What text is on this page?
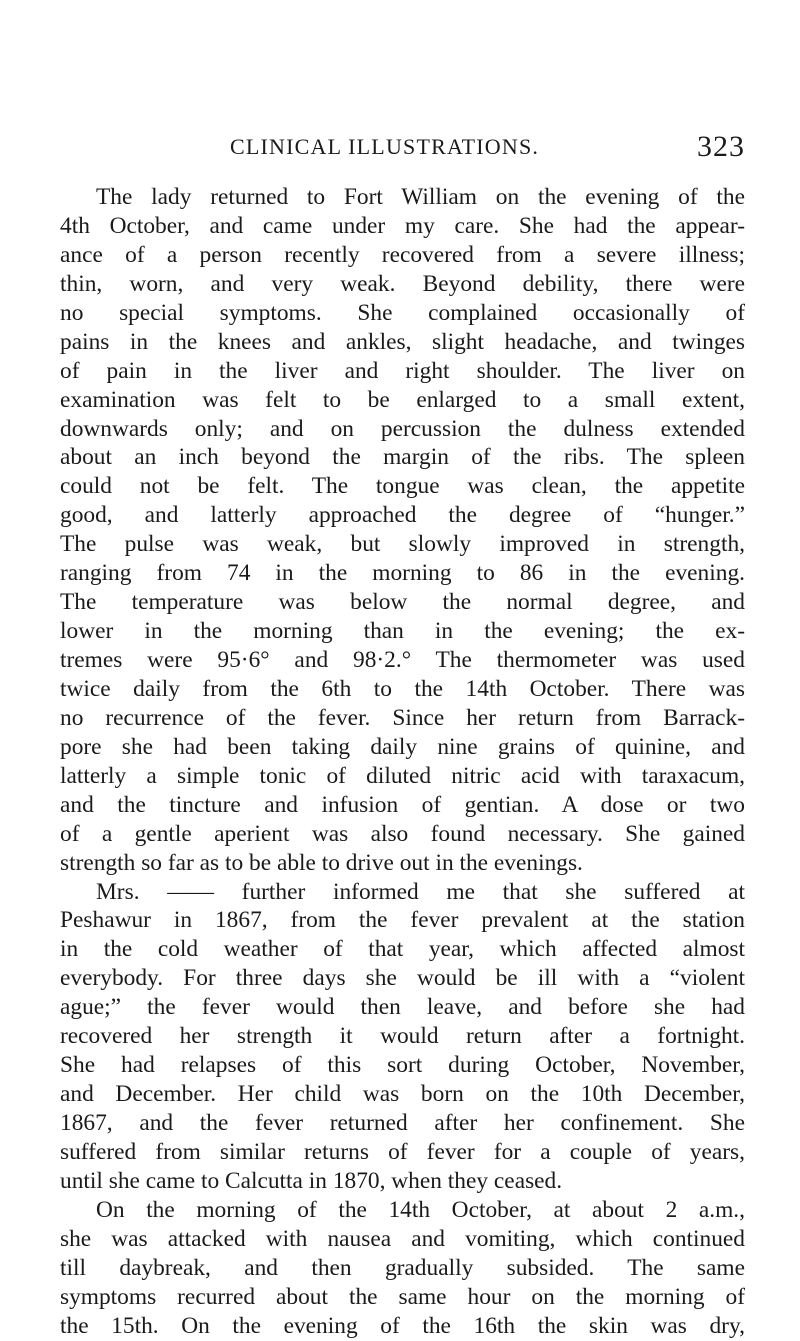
CLINICAL ILLUSTRATIONS.	323
The lady returned to Fort William on the evening of the
4th October, and came under my care. She had the appear-
ance of a person recently recovered from a severe illness;
thin, worn, and very weak. Beyond debility, there were
no special symptoms. She complained occasionally of
pains in the knees and ankles, slight headache, and twinges
of pain in the liver and right shoulder. The liver on
examination was felt to be enlarged to a small extent,
downwards only; and on percussion the dulness extended
about an inch beyond the margin of the ribs. The spleen
could not be felt. The tongue was clean, the appetite
good, and latterly approached the degree of “hunger.”
The pulse was weak, but slowly improved in strength,
ranging from 74 in the morning to 86 in the evening.
The temperature was below the normal degree, and
lower in the morning than in the evening; the ex-
tremes were 95·6° and 98·2.° The thermometer was used
twice daily from the 6th to the 14th October. There was
no recurrence of the fever. Since her return from Barrack-
pore she had been taking daily nine grains of quinine, and
latterly a simple tonic of diluted nitric acid with taraxacum,
and the tincture and infusion of gentian. A dose or two
of a gentle aperient was also found necessary. She gained
strength so far as to be able to drive out in the evenings.
Mrs. —— further informed me that she suffered at
Peshawur in 1867, from the fever prevalent at the station
in the cold weather of that year, which affected almost
everybody. For three days she would be ill with a “violent
ague;” the fever would then leave, and before she had
recovered her strength it would return after a fortnight.
She had relapses of this sort during October, November,
and December. Her child was born on the 10th December,
1867, and the fever returned after her confinement. She
suffered from similar returns of fever for a couple of years,
until she came to Calcutta in 1870, when they ceased.
On the morning of the 14th October, at about 2 a.m.,
she was attacked with nausea and vomiting, which continued
till daybreak, and then gradually subsided. The same
symptoms recurred about the same hour on the morning of
the 15th. On the evening of the 16th the skin was dry,
